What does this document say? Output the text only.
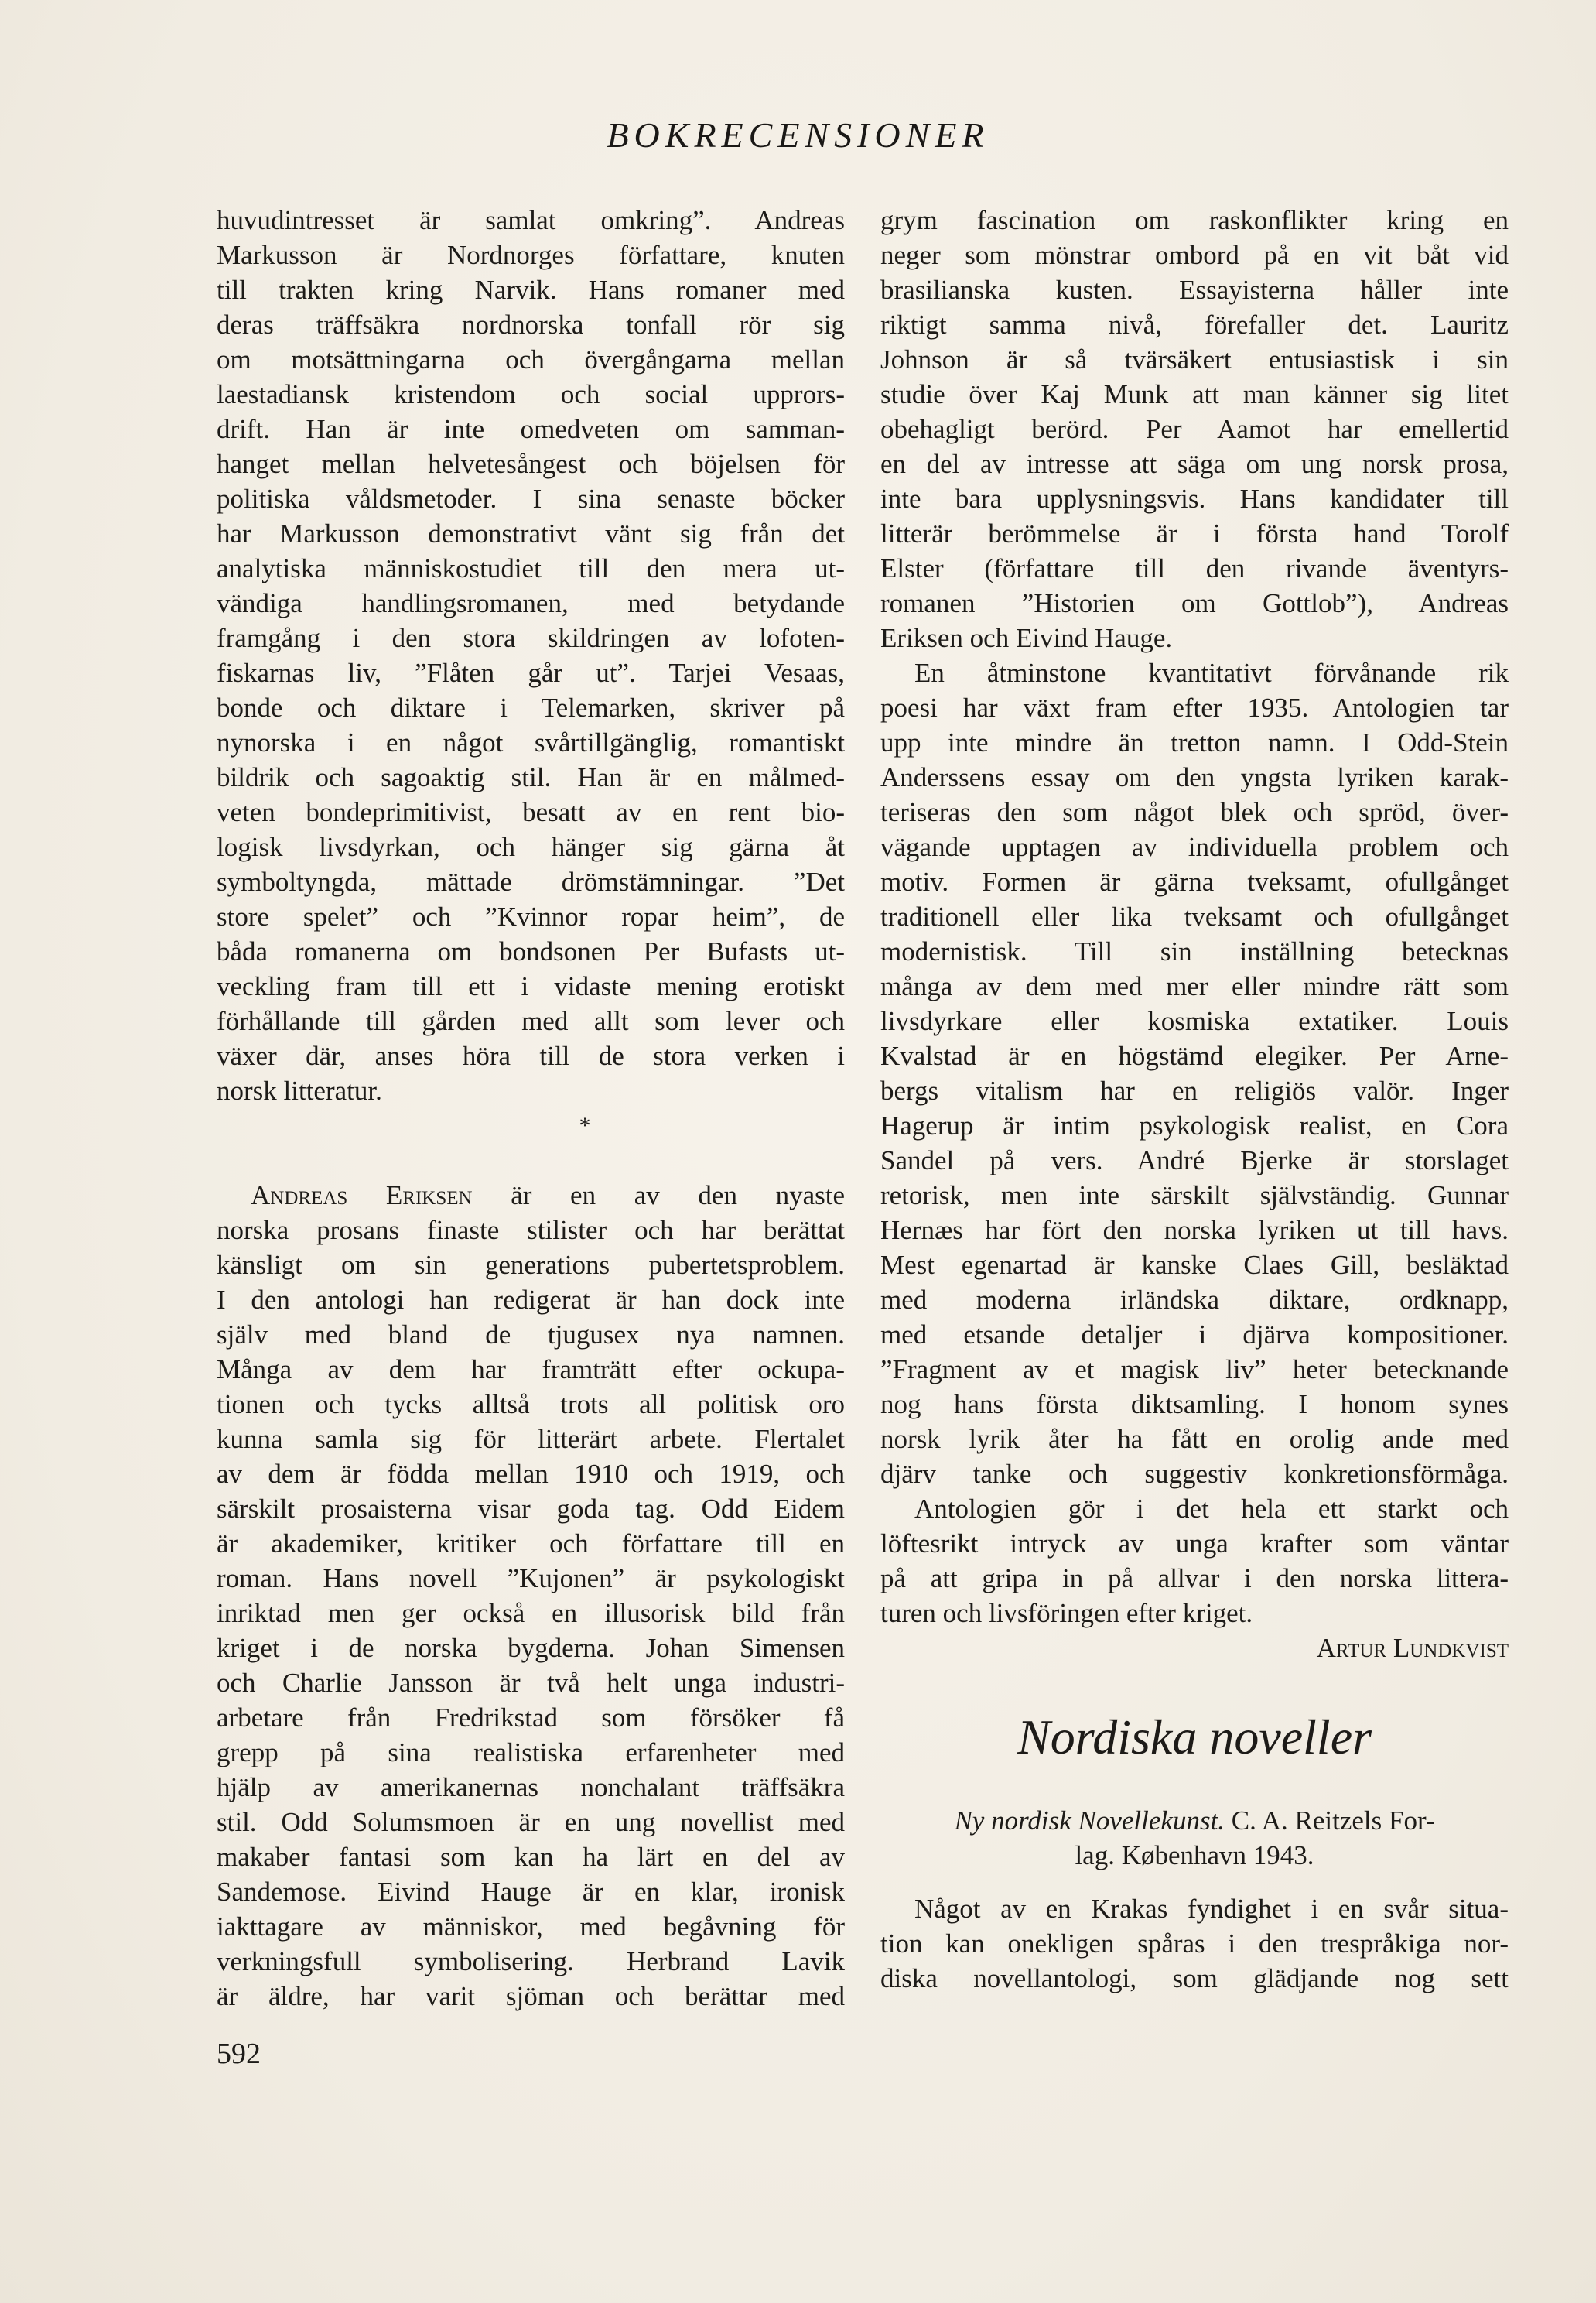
BOKRECENSIONER
huvudintresset är samlat omkring”. Andreas
Markusson är Nordnorges författare, knuten
till trakten kring Narvik. Hans romaner med
deras träffsäkra nordnorska tonfall rör sig
om motsättningarna och övergångarna mellan
laestadiansk kristendom och social upprors-
drift. Han är inte omedveten om samman-
hanget mellan helvetesångest och böjelsen för
politiska våldsmetoder. I sina senaste böcker
har Markusson demonstrativt vänt sig från det
analytiska människostudiet till den mera ut-
vändiga handlingsromanen, med betydande
framgång i den stora skildringen av lofoten-
fiskarnas liv, ”Flåten går ut”. Tarjei Vesaas,
bonde och diktare i Telemarken, skriver på
nynorska i en något svårtillgänglig, romantiskt
bildrik och sagoaktig stil. Han är en målmed-
veten bondeprimitivist, besatt av en rent bio-
logisk livsdyrkan, och hänger sig gärna åt
symboltyngda, mättade drömstämningar. ”Det
store spelet” och ”Kvinnor ropar heim”, de
båda romanerna om bondsonen Per Bufasts ut-
veckling fram till ett i vidaste mening erotiskt
förhållande till gården med allt som lever och
växer där, anses höra till de stora verken i
norsk litteratur.
*
Andreas Eriksen är en av den nyaste
norska prosans finaste stilister och har berättat
känsligt om sin generations pubertetsproblem.
I den antologi han redigerat är han dock inte
själv med bland de tjugusex nya namnen.
Många av dem har framträtt efter ockupa-
tionen och tycks alltså trots all politisk oro
kunna samla sig för litterärt arbete. Flertalet
av dem är födda mellan 1910 och 1919, och
särskilt prosaisterna visar goda tag. Odd Eidem
är akademiker, kritiker och författare till en
roman. Hans novell ”Kujonen” är psykologiskt
inriktad men ger också en illusorisk bild från
kriget i de norska bygderna. Johan Simensen
och Charlie Jansson är två helt unga industri-
arbetare från Fredrikstad som försöker få
grepp på sina realistiska erfarenheter med
hjälp av amerikanernas nonchalant träffsäkra
stil. Odd Solumsmoen är en ung novellist med
makaber fantasi som kan ha lärt en del av
Sandemose. Eivind Hauge är en klar, ironisk
iakttagare av människor, med begåvning för
verkningsfull symbolisering. Herbrand Lavik
är äldre, har varit sjöman och berättar med
grym fascination om raskonflikter kring en
neger som mönstrar ombord på en vit båt vid
brasilianska kusten. Essayisterna håller inte
riktigt samma nivå, förefaller det. Lauritz
Johnson är så tvärsäkert entusiastisk i sin
studie över Kaj Munk att man känner sig litet
obehagligt berörd. Per Aamot har emellertid
en del av intresse att säga om ung norsk prosa,
inte bara upplysningsvis. Hans kandidater till
litterär berömmelse är i första hand Torolf
Elster (författare till den rivande äventyrs-
romanen ”Historien om Gottlob”), Andreas
Eriksen och Eivind Hauge.
En åtminstone kvantitativt förvånande rik
poesi har växt fram efter 1935. Antologien tar
upp inte mindre än tretton namn. I Odd-Stein
Anderssens essay om den yngsta lyriken karak-
teriseras den som något blek och spröd, över-
vägande upptagen av individuella problem och
motiv. Formen är gärna tveksamt, ofullgånget
traditionell eller lika tveksamt och ofullgånget
modernistisk. Till sin inställning betecknas
många av dem med mer eller mindre rätt som
livsdyrkare eller kosmiska extatiker. Louis
Kvalstad är en högstämd elegiker. Per Arne-
bergs vitalism har en religiös valör. Inger
Hagerup är intim psykologisk realist, en Cora
Sandel på vers. André Bjerke är storslaget
retorisk, men inte särskilt självständig. Gunnar
Hernæs har fört den norska lyriken ut till havs.
Mest egenartad är kanske Claes Gill, besläktad
med moderna irländska diktare, ordknapp,
med etsande detaljer i djärva kompositioner.
”Fragment av et magisk liv” heter betecknande
nog hans första diktsamling. I honom synes
norsk lyrik åter ha fått en orolig ande med
djärv tanke och suggestiv konkretionsförmåga.
Antologien gör i det hela ett starkt och
löftesrikt intryck av unga krafter som väntar
på att gripa in på allvar i den norska littera-
turen och livsföringen efter kriget.
Artur Lundkvist
Nordiska noveller
Ny nordisk Novellekunst. C. A. Reitzels For-
lag. København 1943.
Något av en Krakas fyndighet i en svår situa-
tion kan onekligen spåras i den trespråkiga nor-
diska novellantologi, som glädjande nog sett
592
